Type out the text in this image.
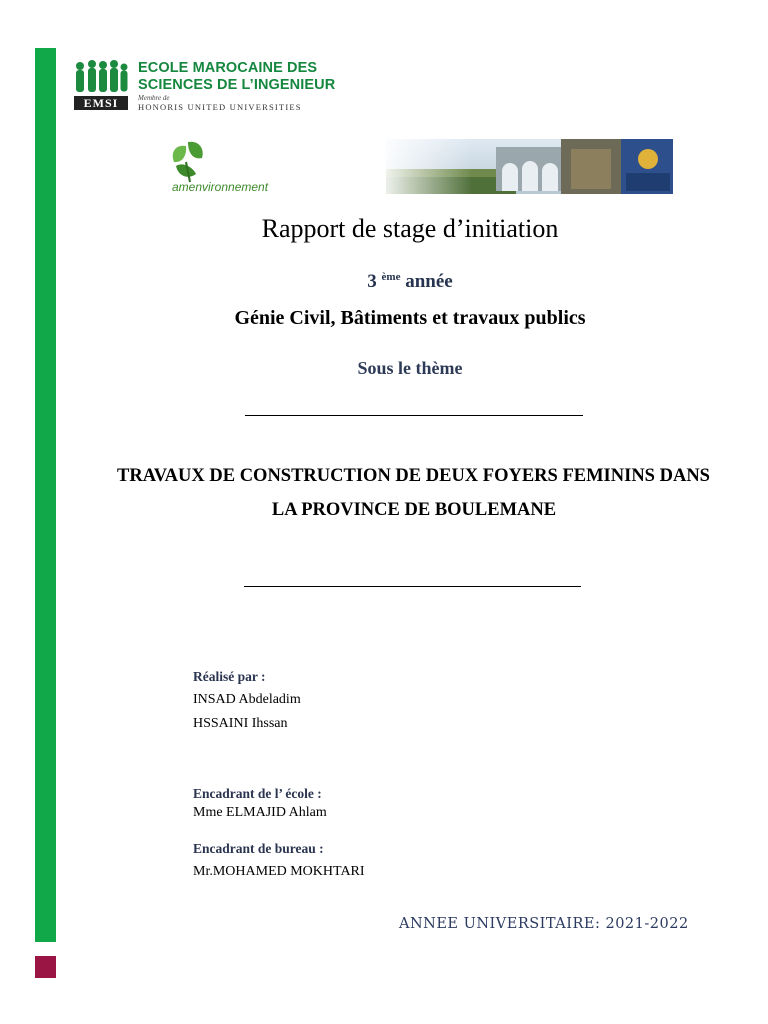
EMSI
ECOLE MAROCAINE DES
SCIENCES DE L’INGENIEUR
Membre de
HONORIS UNITED UNIVERSITIES
amenvironnement
Rapport de stage d’initiation
3 $^{ème}$ année
Génie Civil, Bâtiments et travaux publics
Sous le thème
TRAVAUX DE CONSTRUCTION DE DEUX FOYERS FEMININS DANS
LA PROVINCE DE BOULEMANE
Réalisé par :
INSAD Abdeladim
HSSAINI Ihssan
Encadrant de l’ école :
Mme ELMAJID Ahlam
Encadrant de bureau :
Mr.MOHAMED MOKHTARI
ANNEE UNIVERSITAIRE: 2021-2022
